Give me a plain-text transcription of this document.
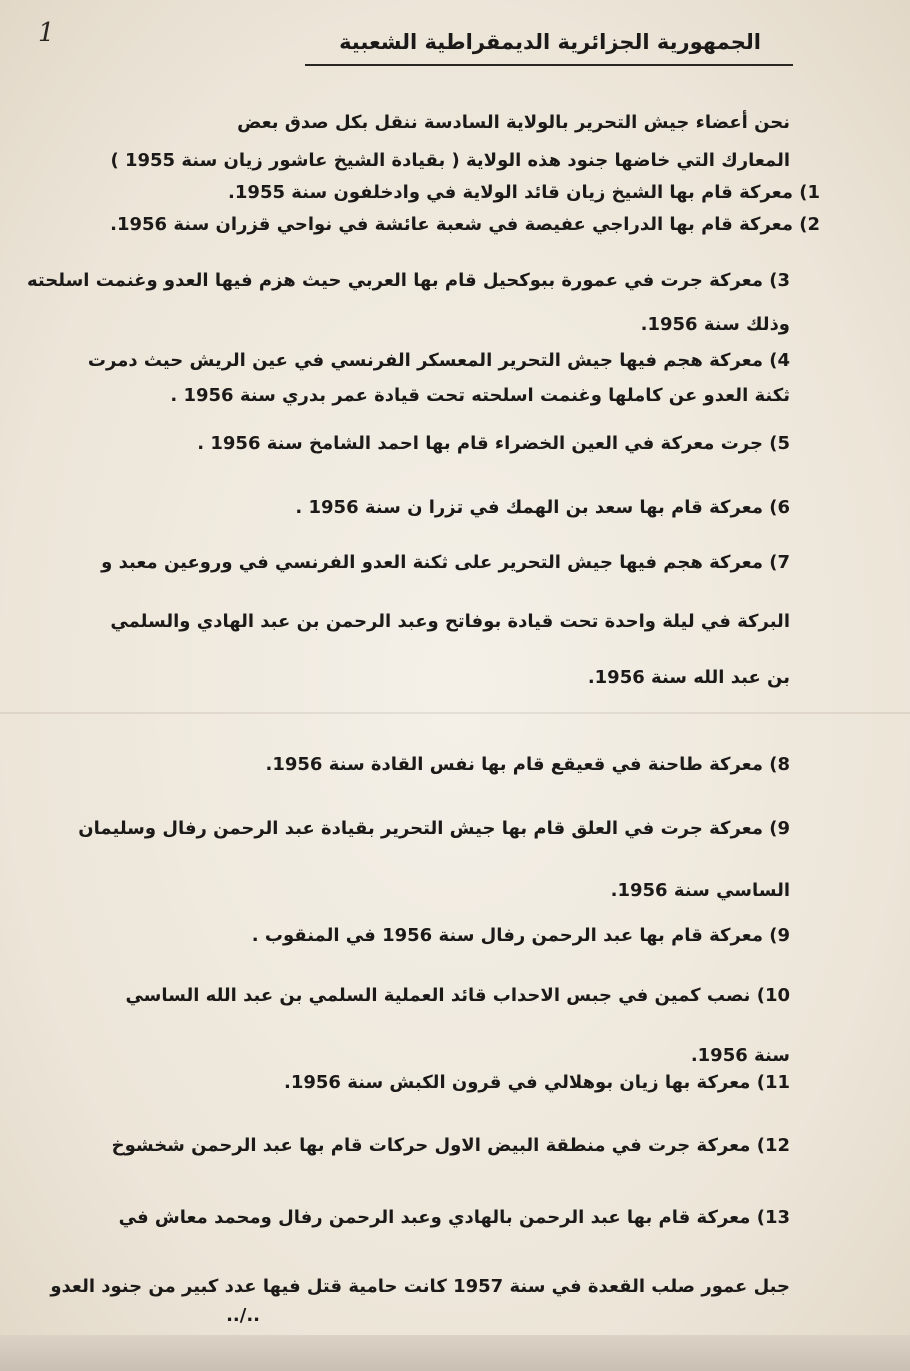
1	الجمهورية الجزائرية الديمقراطية الشعبية
نحن أعضاء جيش التحرير بالولاية السادسة ننقل بكل صدق بعض
المعارك التي خاضها جنود هذه الولاية ( بقيادة الشيخ عاشور زيان سنة 1955 )
1) معركة قام بها الشيخ زيان قائد الولاية في وادخلفون سنة 1955.
2) معركة قام بها الدراجي عفيصة في شعبة عائشة في نواحي قزران سنة 1956.
3) معركة جرت في عمورة ببوكحيل قام بها العربي حيث هزم فيها العدو وغنمت اسلحته
وذلك سنة 1956.
4) معركة هجم فيها جيش التحرير المعسكر الفرنسي في عين الريش حيث دمرت
ثكنة العدو عن كاملها وغنمت اسلحته تحت قيادة عمر بدري سنة 1956 .
5) جرت معركة في العين الخضراء قام بها احمد الشامخ سنة 1956 .
6) معركة قام بها سعد بن الهمك في تزرا ن سنة 1956 .
7) معركة هجم فيها جيش التحرير على ثكنة العدو الفرنسي في وروعين معبد و
البركة في ليلة واحدة تحت قيادة بوفاتح وعبد الرحمن بن عبد الهادي والسلمي
بن عبد الله سنة 1956.
8) معركة طاحنة في قعيقع قام بها نفس القادة سنة 1956.
9) معركة جرت في العلق قام بها جيش التحرير بقيادة عبد الرحمن رفال وسليمان
الساسي سنة 1956.
9) معركة قام بها عبد الرحمن رفال سنة 1956 في المنقوب .
10) نصب كمين في جبس الاحداب قائد العملية السلمي بن عبد الله الساسي
سنة 1956.
11) معركة بها زيان بوهلالي في قرون الكبش سنة 1956.
12) معركة جرت في منطقة البيض الاول حركات قام بها عبد الرحمن شخشوخ
13) معركة قام بها عبد الرحمن بالهادي وعبد الرحمن رفال ومحمد معاش في
جبل عمور صلب القعدة في سنة 1957 كانت حامية قتل فيها عدد كبير من جنود العدو
../..
